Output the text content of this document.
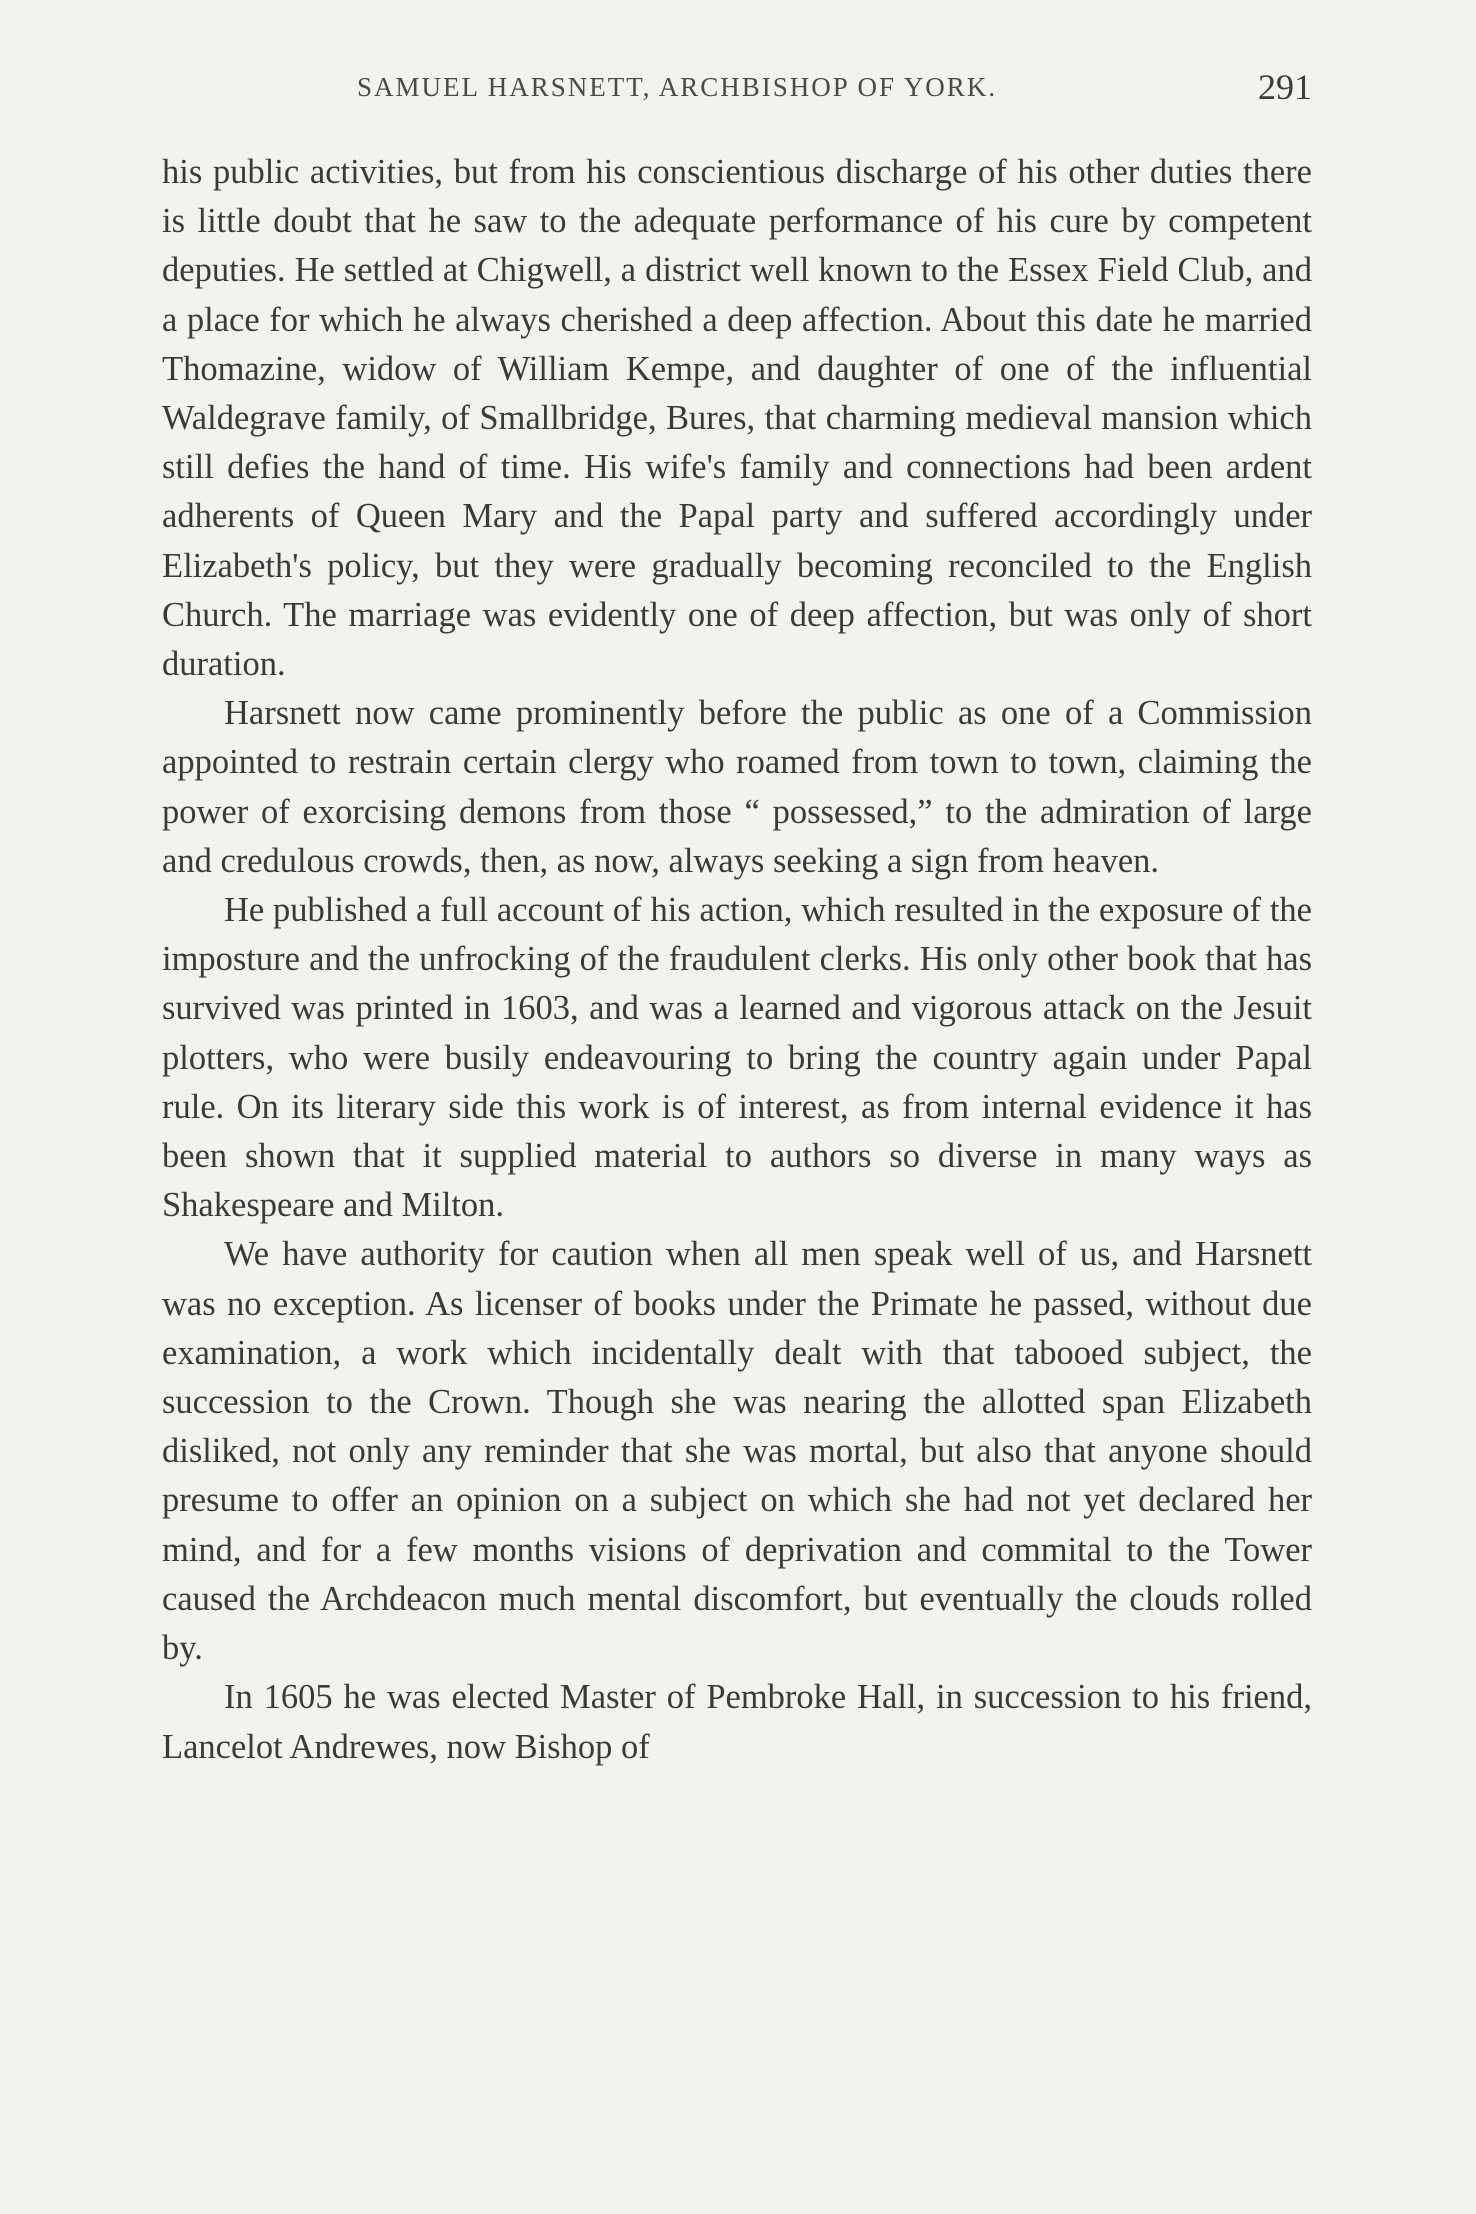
SAMUEL HARSNETT, ARCHBISHOP OF YORK.	291

his public activities, but from his conscientious discharge of his other duties there is little doubt that he saw to the adequate performance of his cure by competent deputies. He settled at Chigwell, a district well known to the Essex Field Club, and a place for which he always cherished a deep affection. About this date he married Thomazine, widow of William Kempe, and daughter of one of the influential Waldegrave family, of Smallbridge, Bures, that charming medieval mansion which still defies the hand of time. His wife's family and connections had been ardent adherents of Queen Mary and the Papal party and suffered accordingly under Elizabeth's policy, but they were gradually becoming reconciled to the English Church. The marriage was evidently one of deep affection, but was only of short duration.

Harsnett now came prominently before the public as one of a Commission appointed to restrain certain clergy who roamed from town to town, claiming the power of exorcising demons from those “ possessed,” to the admiration of large and credulous crowds, then, as now, always seeking a sign from heaven.

He published a full account of his action, which resulted in the exposure of the imposture and the unfrocking of the fraudulent clerks. His only other book that has survived was printed in 1603, and was a learned and vigorous attack on the Jesuit plotters, who were busily endeavouring to bring the country again under Papal rule. On its literary side this work is of interest, as from internal evidence it has been shown that it supplied material to authors so diverse in many ways as Shakespeare and Milton.

We have authority for caution when all men speak well of us, and Harsnett was no exception. As licenser of books under the Primate he passed, without due examination, a work which incidentally dealt with that tabooed subject, the succession to the Crown. Though she was nearing the allotted span Elizabeth disliked, not only any reminder that she was mortal, but also that anyone should presume to offer an opinion on a subject on which she had not yet declared her mind, and for a few months visions of deprivation and commital to the Tower caused the Archdeacon much mental discomfort, but eventually the clouds rolled by.

In 1605 he was elected Master of Pembroke Hall, in succession to his friend, Lancelot Andrewes, now Bishop of
